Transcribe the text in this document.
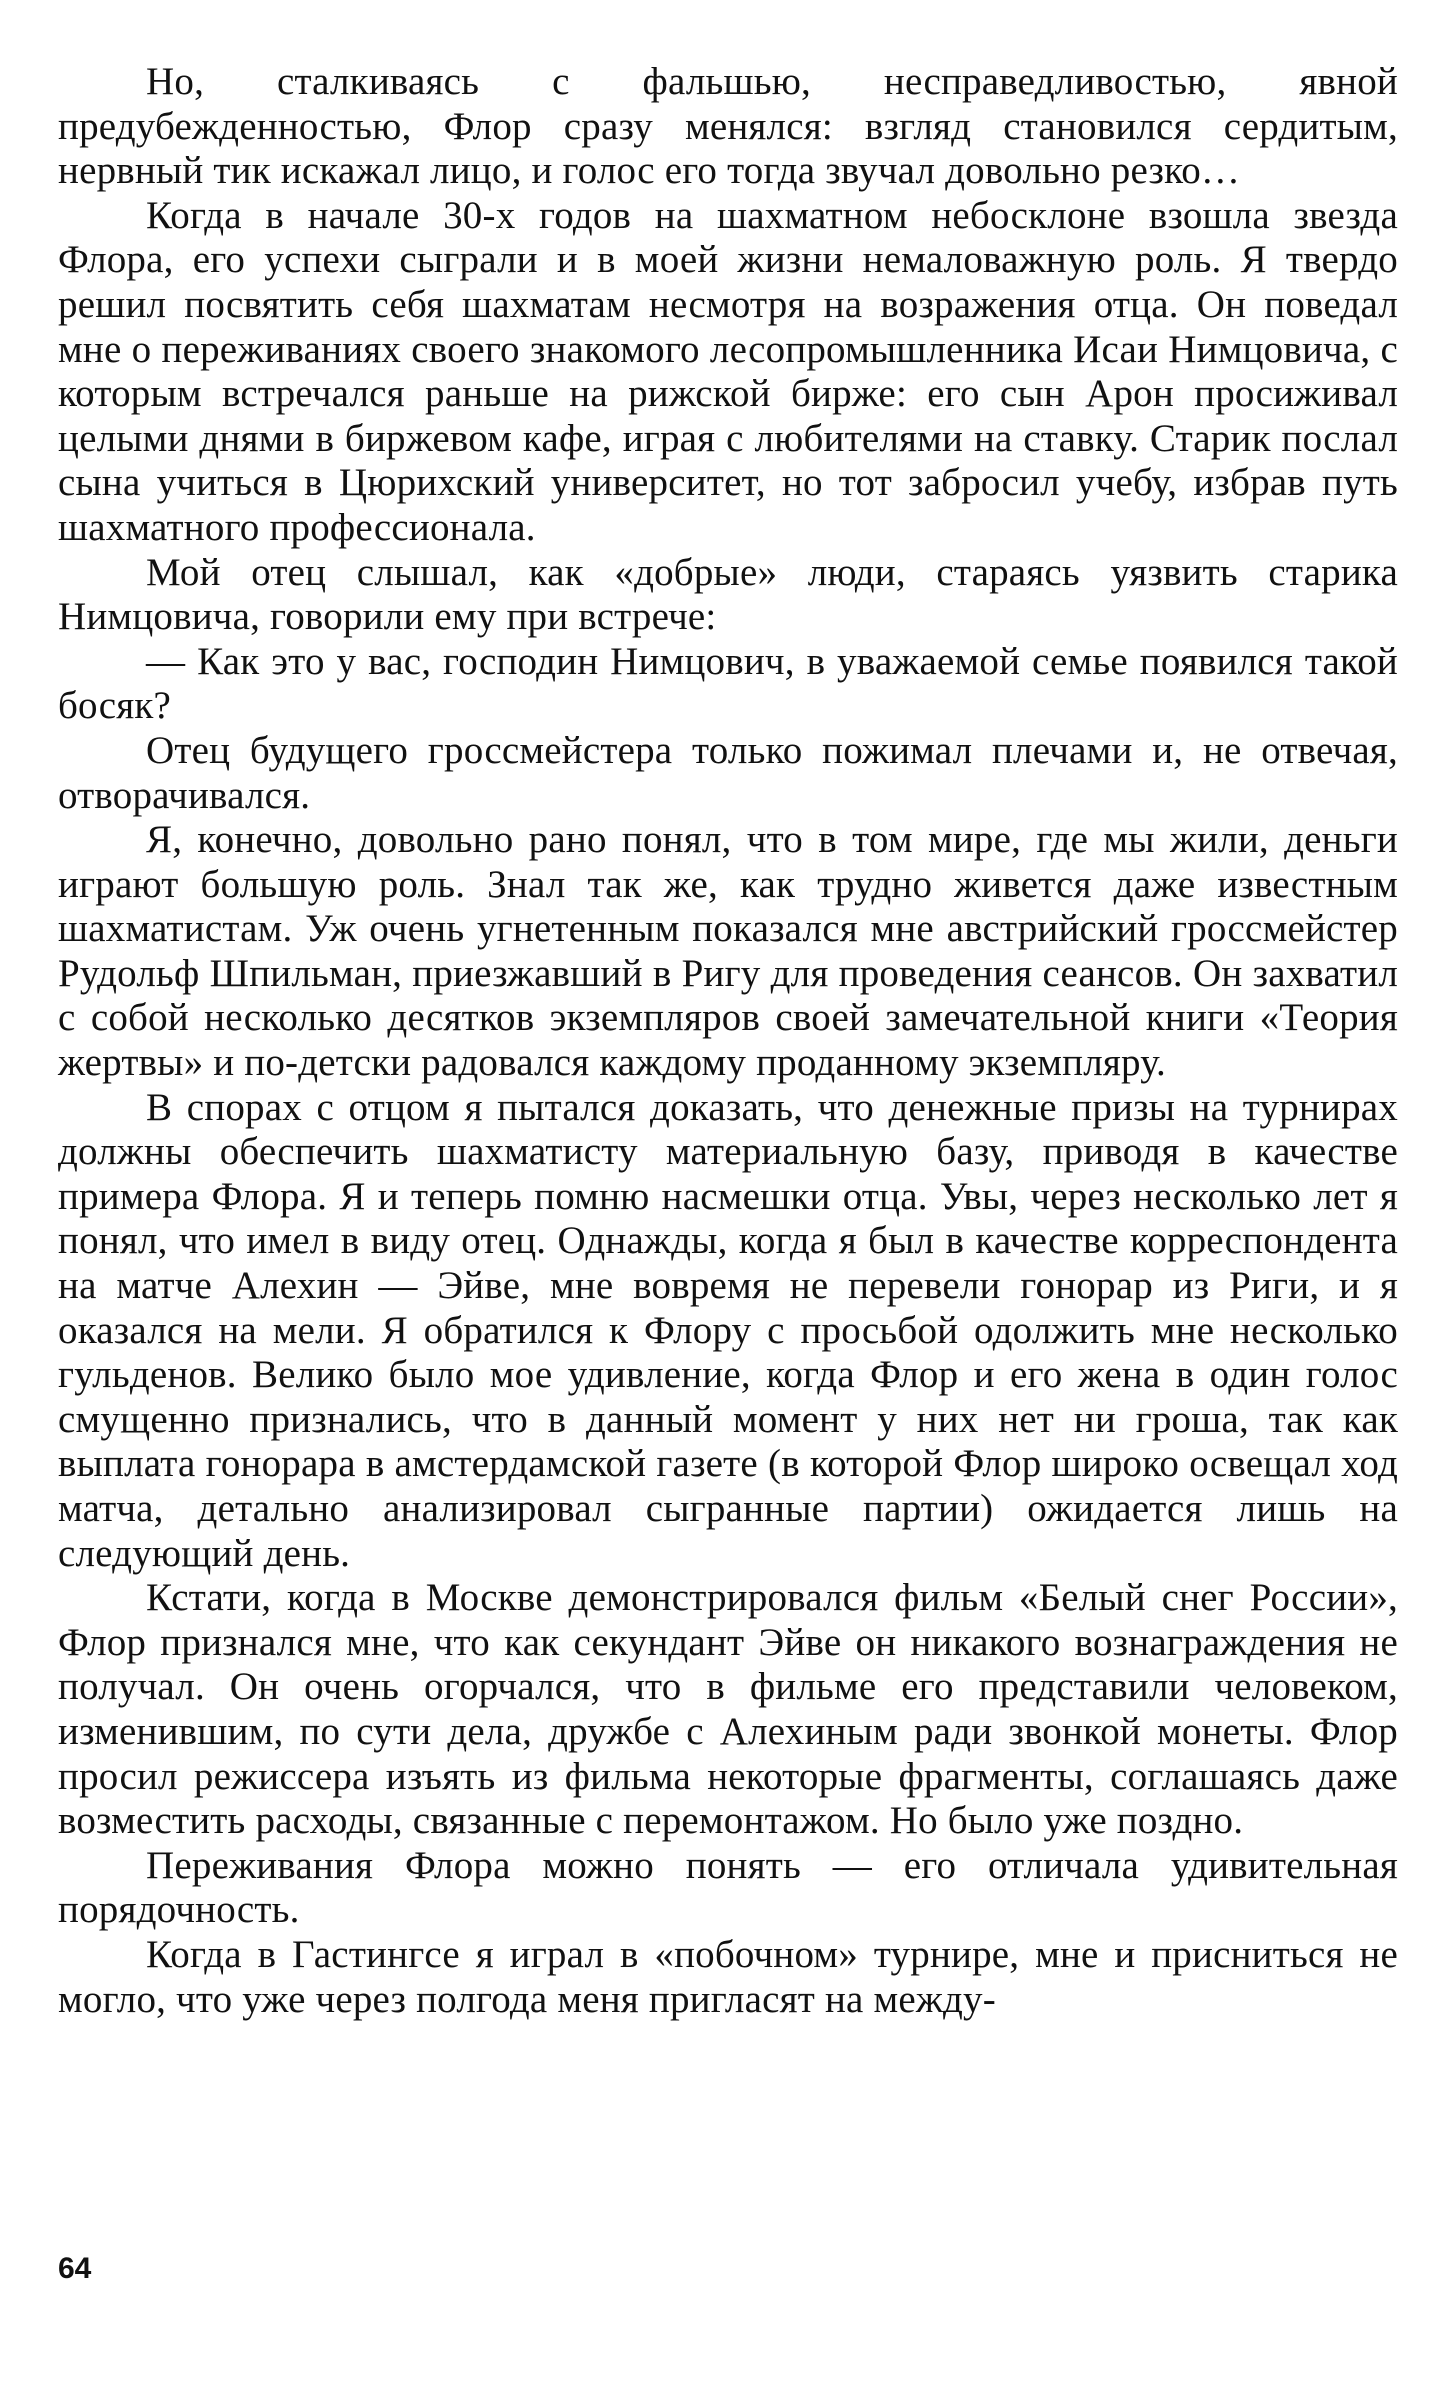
Но, сталкиваясь с фальшью, несправедливостью, явной предубежденностью, Флор сразу менялся: взгляд становился сердитым, нервный тик искажал лицо, и голос его тогда звучал довольно резко…

Когда в начале 30-х годов на шахматном небосклоне взошла звезда Флора, его успехи сыграли и в моей жизни немаловажную роль. Я твердо решил посвятить себя шахматам несмотря на возражения отца. Он поведал мне о переживаниях своего знакомого лесопромышленника Исаи Нимцовича, с которым встречался раньше на рижской бирже: его сын Арон просиживал целыми днями в биржевом кафе, играя с любителями на ставку. Старик послал сына учиться в Цюрихский университет, но тот забросил учебу, избрав путь шахматного профессионала.

Мой отец слышал, как «добрые» люди, стараясь уязвить старика Нимцовича, говорили ему при встрече:

— Как это у вас, господин Нимцович, в уважаемой семье появился такой босяк?

Отец будущего гроссмейстера только пожимал плечами и, не отвечая, отворачивался.

Я, конечно, довольно рано понял, что в том мире, где мы жили, деньги играют большую роль. Знал так же, как трудно живется даже известным шахматистам. Уж очень угнетенным показался мне австрийский гроссмейстер Рудольф Шпильман, приезжавший в Ригу для проведения сеансов. Он захватил с собой несколько десятков экземпляров своей замечательной книги «Теория жертвы» и по-детски радовался каждому проданному экземпляру.

В спорах с отцом я пытался доказать, что денежные призы на турнирах должны обеспечить шахматисту материальную базу, приводя в качестве примера Флора. Я и теперь помню насмешки отца. Увы, через несколько лет я понял, что имел в виду отец. Однажды, когда я был в качестве корреспондента на матче Алехин — Эйве, мне вовремя не перевели гонорар из Риги, и я оказался на мели. Я обратился к Флору с просьбой одолжить мне несколько гульденов. Велико было мое удивление, когда Флор и его жена в один голос смущенно признались, что в данный момент у них нет ни гроша, так как выплата гонорара в амстердамской газете (в которой Флор широко освещал ход матча, детально анализировал сыгранные партии) ожидается лишь на следующий день.

Кстати, когда в Москве демонстрировался фильм «Белый снег России», Флор признался мне, что как секундант Эйве он никакого вознаграждения не получал. Он очень огорчался, что в фильме его представили человеком, изменившим, по сути дела, дружбе с Алехиным ради звонкой монеты. Флор просил режиссера изъять из фильма некоторые фрагменты, соглашаясь даже возместить расходы, связанные с перемонтажом. Но было уже поздно.

Переживания Флора можно понять — его отличала удивительная порядочность.

Когда в Гастингсе я играл в «побочном» турнире, мне и присниться не могло, что уже через полгода меня пригласят на между-

64
